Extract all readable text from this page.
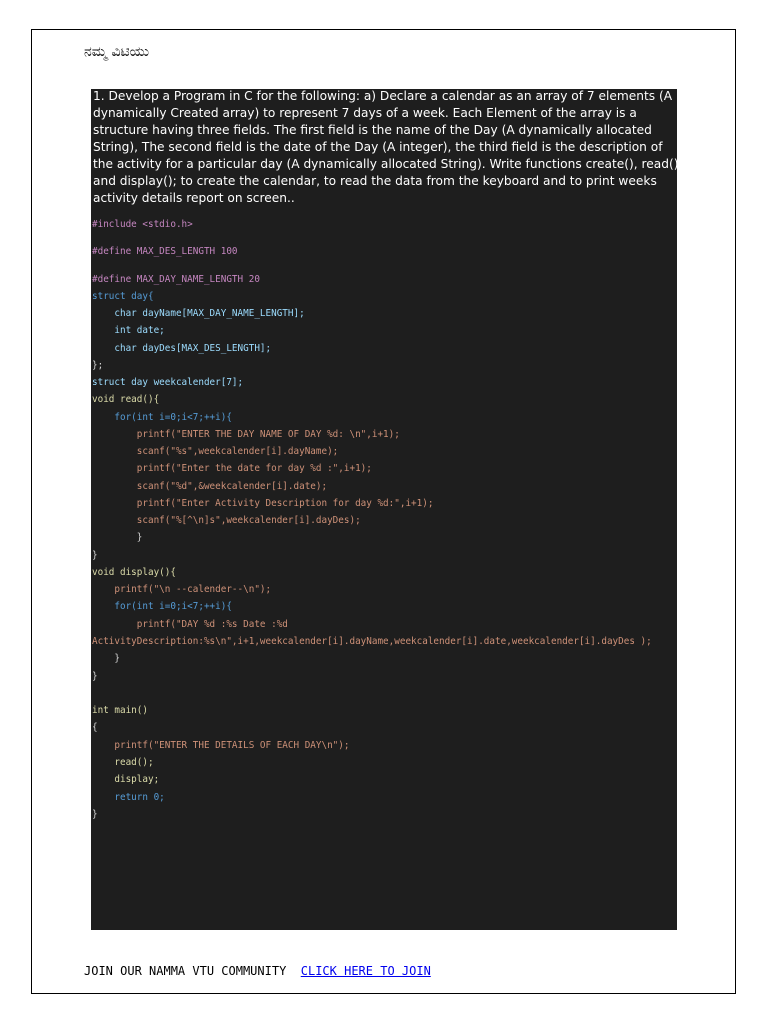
ನಮ್ಮ ವಿಟಿಯು
1. Develop a Program in C for the following: a) Declare a calendar as an array of 7 elements (A dynamically Created array) to represent 7 days of a week. Each Element of the array is a structure having three fields. The first field is the name of the Day (A dynamically allocated String), The second field is the date of the Day (A integer), the third field is the description of the activity for a particular day (A dynamically allocated String). Write functions create(), read() and display(); to create the calendar, to read the data from the keyboard and to print weeks activity details report on screen..
#include <stdio.h>
#define MAX_DES_LENGTH 100
#define MAX_DAY_NAME_LENGTH 20
struct day{
char dayName[MAX_DAY_NAME_LENGTH];
int date;
char dayDes[MAX_DES_LENGTH];
};
struct day weekcalender[7];
void read(){
for(int i=0;i<7;++i){
printf("ENTER THE DAY NAME OF DAY %d: \n",i+1);
scanf("%s",weekcalender[i].dayName);
printf("Enter the date for day %d :",i+1);
scanf("%d",&weekcalender[i].date);
printf("Enter Activity Description for day %d:",i+1);
scanf("%[^\n]s",weekcalender[i].dayDes);
}
}
void display(){
printf("\n --calender--\n");
for(int i=0;i<7;++i){
printf("DAY %d :%s Date :%d
ActivityDescription:%s\n",i+1,weekcalender[i].dayName,weekcalender[i].date,weekcalender[i].dayDes );
}
}
int main()
{
printf("ENTER THE DETAILS OF EACH DAY\n");
read();
display;
return 0;
}
JOIN OUR NAMMA VTU COMMUNITY CLICK HERE TO JOIN
